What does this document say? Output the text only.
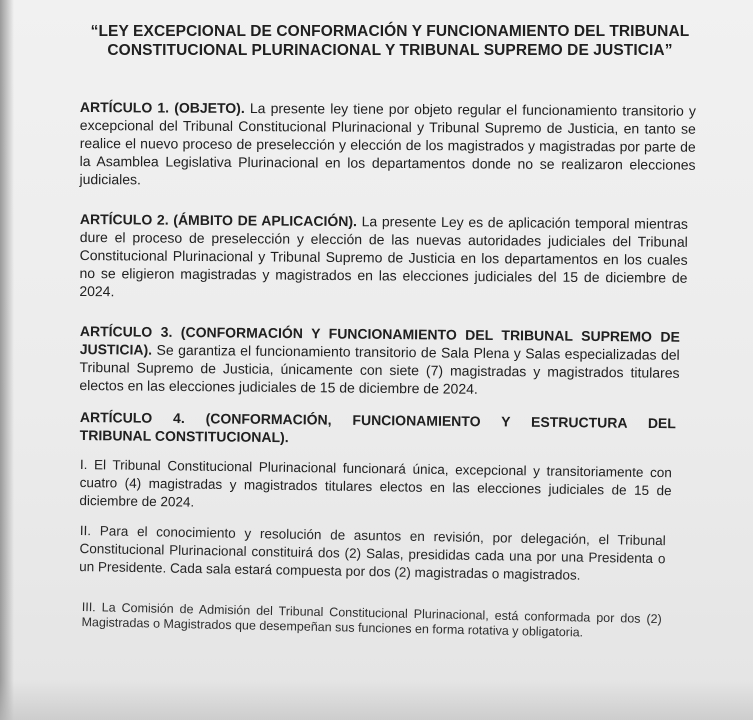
“LEY EXCEPCIONAL DE CONFORMACIÓN Y FUNCIONAMIENTO DEL TRIBUNAL
CONSTITUCIONAL PLURINACIONAL Y TRIBUNAL SUPREMO DE JUSTICIA”
ARTÍCULO 1. (OBJETO). La presente ley tiene por objeto regular el funcionamiento transitorio y excepcional del Tribunal Constitucional Plurinacional y Tribunal Supremo de Justicia, en tanto se realice el nuevo proceso de preselección y elección de los magistrados y magistradas por parte de la Asamblea Legislativa Plurinacional en los departamentos donde no se realizaron elecciones judiciales.
ARTÍCULO 2. (ÁMBITO DE APLICACIÓN). La presente Ley es de aplicación temporal mientras dure el proceso de preselección y elección de las nuevas autoridades judiciales del Tribunal Constitucional Plurinacional y Tribunal Supremo de Justicia en los departamentos en los cuales no se eligieron magistradas y magistrados en las elecciones judiciales del 15 de diciembre de 2024.
ARTÍCULO 3. (CONFORMACIÓN Y FUNCIONAMIENTO DEL TRIBUNAL SUPREMO DE JUSTICIA). Se garantiza el funcionamiento transitorio de Sala Plena y Salas especializadas del Tribunal Supremo de Justicia, únicamente con siete (7) magistradas y magistrados titulares electos en las elecciones judiciales de 15 de diciembre de 2024.
ARTÍCULO 4. (CONFORMACIÓN, FUNCIONAMIENTO Y ESTRUCTURA DEL
TRIBUNAL CONSTITUCIONAL).
I. El Tribunal Constitucional Plurinacional funcionará única, excepcional y transitoriamente con cuatro (4) magistradas y magistrados titulares electos en las elecciones judiciales de 15 de diciembre de 2024.
II. Para el conocimiento y resolución de asuntos en revisión, por delegación, el Tribunal Constitucional Plurinacional constituirá dos (2) Salas, presididas cada una por una Presidenta o un Presidente. Cada sala estará compuesta por dos (2) magistradas o magistrados.
III. La Comisión de Admisión del Tribunal Constitucional Plurinacional, está conformada por dos (2) Magistradas o Magistrados que desempeñan sus funciones en forma rotativa y obligatoria.
